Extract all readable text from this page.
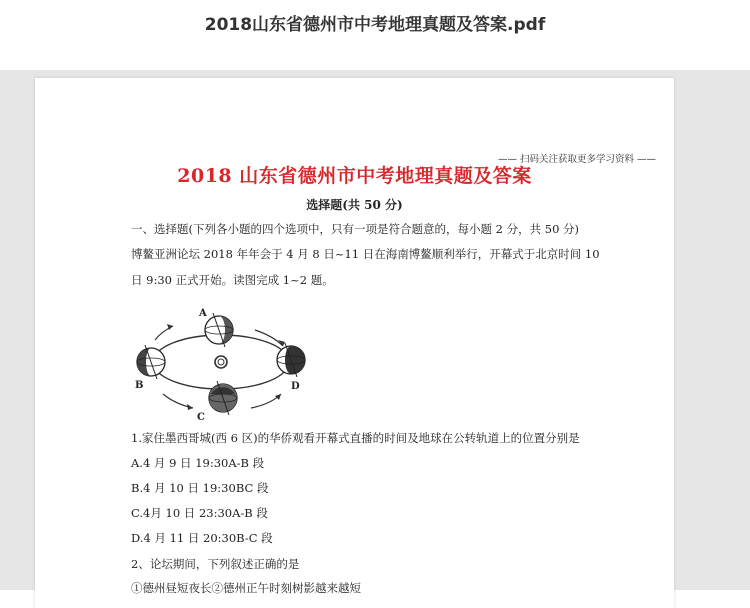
2018山东省德州市中考地理真题及答案.pdf
—— 扫码关注获取更多学习资料 ——
2018 山东省德州市中考地理真题及答案
选择题(共 50 分)
一、选择题(下列各小题的四个选项中，只有一项是符合题意的，每小题 2 分，共 50 分)
博鳌亚洲论坛 2018 年年会于 4 月 8 日~11 日在海南博鳌顺利举行，开幕式于北京时间 10
日 9:30 正式开始。读图完成 1~2 题。
A
B
C
D
1.家住墨西哥城(西 6 区)的华侨观看开幕式直播的时间及地球在公转轨道上的位置分别是
A.4 月 9 日 19:30A-B 段
B.4 月 10 日 19:30BC 段
C.4月 10 日 23:30A-B 段
D.4 月 11 日 20:30B-C 段
2、论坛期间，下列叙述正确的是
①德州昼短夜长②德州正午时刻树影越来越短
